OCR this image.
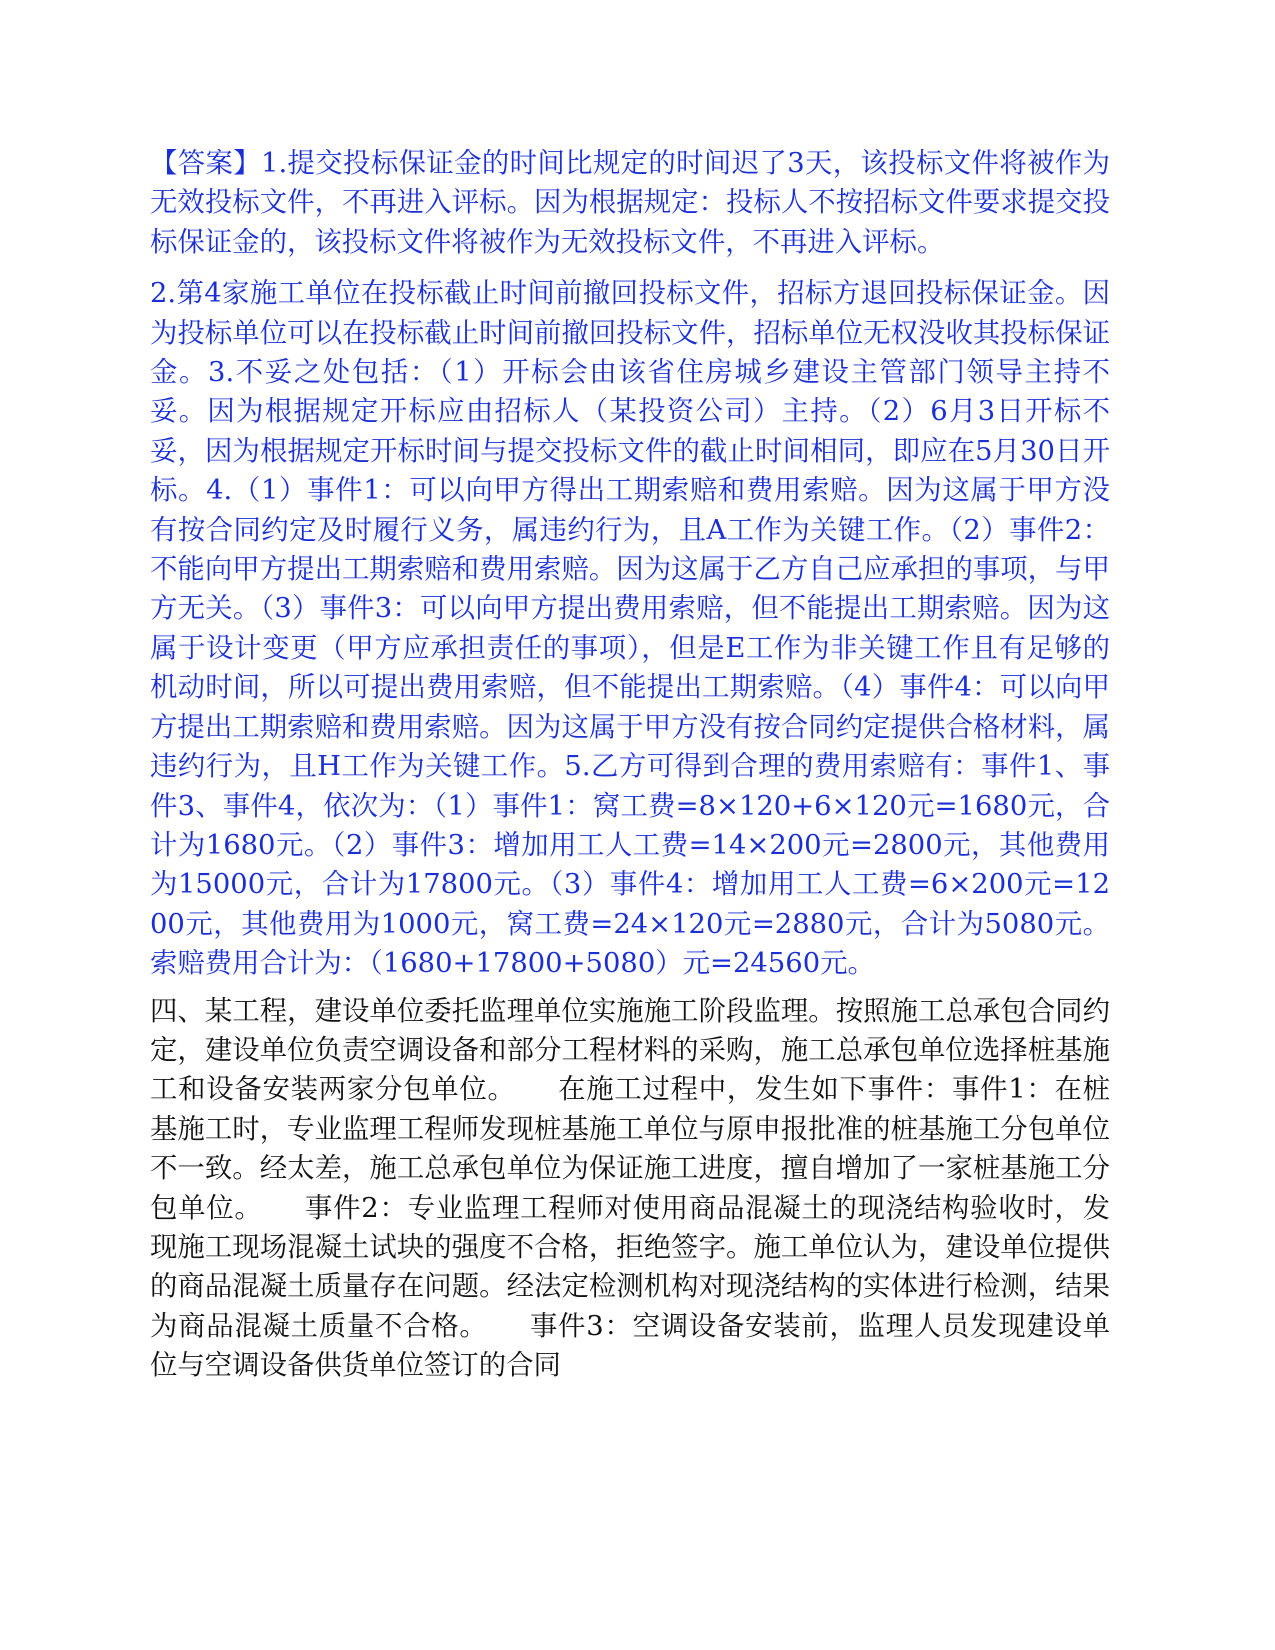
【答案】1.提交投标保证金的时间比规定的时间迟了3天，该投标文件将被作为无效投标文件，不再进入评标。因为根据规定：投标人不按招标文件要求提交投标保证金的，该投标文件将被作为无效投标文件，不再进入评标。

2.第4家施工单位在投标截止时间前撤回投标文件，招标方退回投标保证金。因为投标单位可以在投标截止时间前撤回投标文件，招标单位无权没收其投标保证金。3.不妥之处包括：（1）开标会由该省住房城乡建设主管部门领导主持不妥。因为根据规定开标应由招标人（某投资公司）主持。（2）6月3日开标不妥，因为根据规定开标时间与提交投标文件的截止时间相同，即应在5月30日开标。4.（1）事件1：可以向甲方得出工期索赔和费用索赔。因为这属于甲方没有按合同约定及时履行义务，属违约行为，且A工作为关键工作。（2）事件2：不能向甲方提出工期索赔和费用索赔。因为这属于乙方自己应承担的事项，与甲方无关。（3）事件3：可以向甲方提出费用索赔，但不能提出工期索赔。因为这属于设计变更（甲方应承担责任的事项），但是E工作为非关键工作且有足够的机动时间，所以可提出费用索赔，但不能提出工期索赔。（4）事件4：可以向甲方提出工期索赔和费用索赔。因为这属于甲方没有按合同约定提供合格材料，属违约行为，且H工作为关键工作。5.乙方可得到合理的费用索赔有：事件1、事件3、事件4，依次为：（1）事件1：窝工费=8×120+6×120元=1680元，合计为1680元。（2）事件3：增加用工人工费=14×200元=2800元，其他费用为15000元，合计为17800元。（3）事件4：增加用工人工费=6×200元=1200元，其他费用为1000元，窝工费=24×120元=2880元，合计为5080元。索赔费用合计为：（1680+17800+5080）元=24560元。

四、某工程，建设单位委托监理单位实施施工阶段监理。按照施工总承包合同约定，建设单位负责空调设备和部分工程材料的采购，施工总承包单位选择桩基施工和设备安装两家分包单位。　　在施工过程中，发生如下事件：事件1：在桩基施工时，专业监理工程师发现桩基施工单位与原申报批准的桩基施工分包单位不一致。经太差，施工总承包单位为保证施工进度，擅自增加了一家桩基施工分包单位。　　事件2：专业监理工程师对使用商品混凝土的现浇结构验收时，发现施工现场混凝土试块的强度不合格，拒绝签字。施工单位认为，建设单位提供的商品混凝土质量存在问题。经法定检测机构对现浇结构的实体进行检测，结果为商品混凝土质量不合格。　　事件3：空调设备安装前，监理人员发现建设单位与空调设备供货单位签订的合同
